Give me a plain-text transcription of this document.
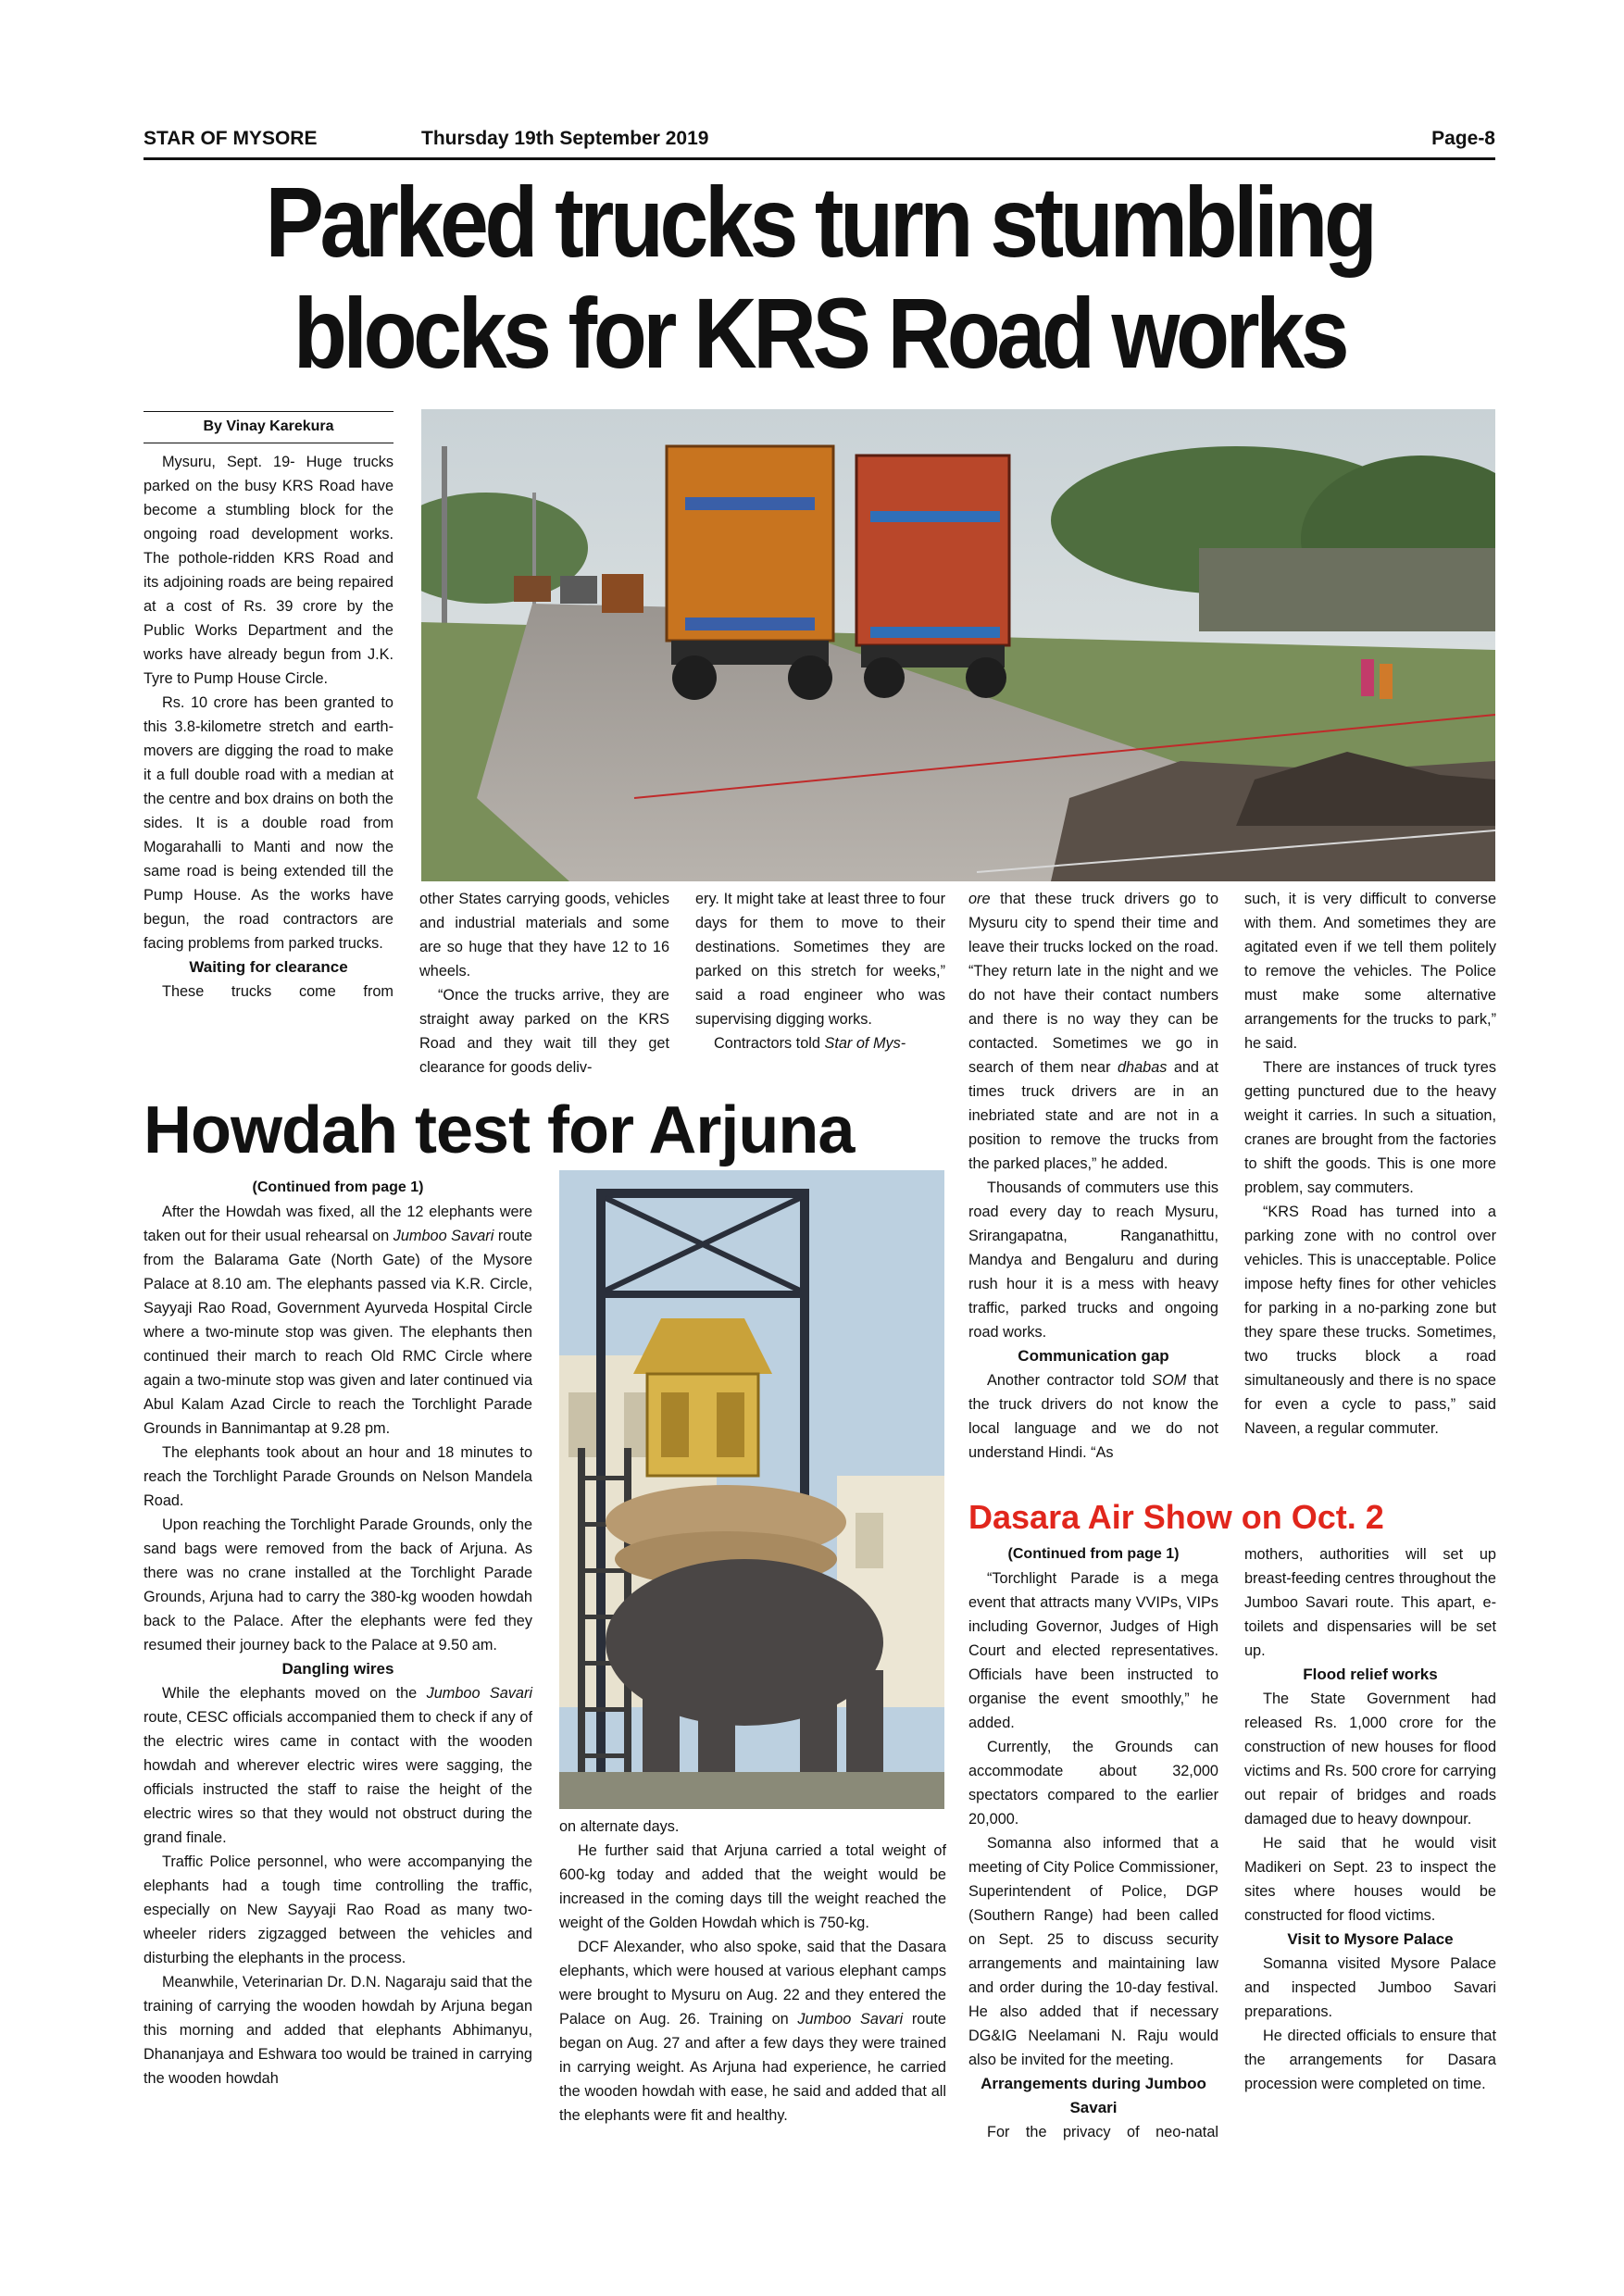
STAR OF MYSORE	Thursday 19th September 2019	Page-8
Parked trucks turn stumbling
blocks for KRS Road works
By Vinay Karekura

Mysuru, Sept. 19- Huge trucks parked on the busy KRS Road have become a stumbling block for the ongoing road development works. The pothole-ridden KRS Road and its adjoining roads are being repaired at a cost of Rs. 39 crore by the Public Works Department and the works have already begun from J.K. Tyre to Pump House Circle.

Rs. 10 crore has been granted to this 3.8-kilometre stretch and earth-movers are digging the road to make it a full double road with a median at the centre and box drains on both the sides. It is a double road from Mogarahalli to Manti and now the same road is being extended till the Pump House. As the works have begun, the road contractors are facing problems from parked trucks.

Waiting for clearance

These trucks come from

other States carrying goods, vehicles and industrial materials and some are so huge that they have 12 to 16 wheels.

“Once the trucks arrive, they are straight away parked on the KRS Road and they wait till they get clearance for goods deliv-

ery. It might take at least three to four days for them to move to their destinations. Sometimes they are parked on this stretch for weeks,” said a road engineer who was supervising digging works.

Contractors told Star of Mys-

ore that these truck drivers go to Mysuru city to spend their time and leave their trucks locked on the road. “They return late in the night and we do not have their contact numbers and there is no way they can be contacted. Sometimes we go in search of them near dhabas and at times truck drivers are in an inebriated state and are not in a position to remove the trucks from the parked places,” he added.

Thousands of commuters use this road every day to reach Mysuru, Srirangapatna, Ranganathittu, Mandya and Bengaluru and during rush hour it is a mess with heavy traffic, parked trucks and ongoing road works.

Communication gap

Another contractor told SOM that the truck drivers do not know the local language and we do not understand Hindi. “As

such, it is very difficult to converse with them. And sometimes they are agitated even if we tell them politely to remove the vehicles. The Police must make some alternative arrangements for the trucks to park,” he said.

There are instances of truck tyres getting punctured due to the heavy weight it carries. In such a situation, cranes are brought from the factories to shift the goods. This is one more problem, say commuters.

“KRS Road has turned into a parking zone with no control over vehicles. This is unacceptable. Police impose hefty fines for other vehicles for parking in a no-parking zone but they spare these trucks. Sometimes, two trucks block a road simultaneously and there is no space for even a cycle to pass,” said Naveen, a regular commuter.

Howdah test for Arjuna

(Continued from page 1)

After the Howdah was fixed, all the 12 elephants were taken out for their usual rehearsal on Jumboo Savari route from the Balarama Gate (North Gate) of the Mysore Palace at 8.10 am. The elephants passed via K.R. Circle, Sayyaji Rao Road, Government Ayurveda Hospital Circle where a two-minute stop was given. The elephants then continued their march to reach Old RMC Circle where again a two-minute stop was given and later continued via Abul Kalam Azad Circle to reach the Torchlight Parade Grounds in Bannimantap at 9.28 pm.

The elephants took about an hour and 18 minutes to reach the Torchlight Parade Grounds on Nelson Mandela Road.

Upon reaching the Torchlight Parade Grounds, only the sand bags were removed from the back of Arjuna. As there was no crane installed at the Torchlight Parade Grounds, Arjuna had to carry the 380-kg wooden howdah back to the Palace. After the elephants were fed they resumed their journey back to the Palace at 9.50 am.

Dangling wires

While the elephants moved on the Jumboo Savari route, CESC officials accompanied them to check if any of the electric wires came in contact with the wooden howdah and wherever electric wires were sagging, the officials instructed the staff to raise the height of the electric wires so that they would not obstruct during the grand finale.

Traffic Police personnel, who were accompanying the elephants had a tough time controlling the traffic, especially on New Sayyaji Rao Road as many two-wheeler riders zigzagged between the vehicles and disturbing the elephants in the process.

Meanwhile, Veterinarian Dr. D.N. Nagaraju said that the training of carrying the wooden howdah by Arjuna began this morning and added that elephants Abhimanyu, Dhananjaya and Eshwara too would be trained in carrying the wooden howdah

on alternate days.

He further said that Arjuna carried a total weight of 600-kg today and added that the weight would be increased in the coming days till the weight reached the weight of the Golden Howdah which is 750-kg.

DCF Alexander, who also spoke, said that the Dasara elephants, which were housed at various elephant camps were brought to Mysuru on Aug. 22 and they entered the Palace on Aug. 26. Training on Jumboo Savari route began on Aug. 27 and after a few days they were trained in carrying weight. As Arjuna had experience, he carried the wooden howdah with ease, he said and added that all the elephants were fit and healthy.

Dasara Air Show on Oct. 2

(Continued from page 1)

“Torchlight Parade is a mega event that attracts many VVIPs, VIPs including Governor, Judges of High Court and elected representatives. Officials have been instructed to organise the event smoothly,” he added.

Currently, the Grounds can accommodate about 32,000 spectators compared to the earlier 20,000.

Somanna also informed that a meeting of City Police Commissioner, Superintendent of Police, DGP (Southern Range) had been called on Sept. 25 to discuss security arrangements and maintaining law and order during the 10-day festival. He also added that if necessary DG&IG Neelamani N. Raju would also be invited for the meeting.

Arrangements during Jumboo Savari

For the privacy of neo-natal

mothers, authorities will set up breast-feeding centres throughout the Jumboo Savari route. This apart, e-toilets and dispensaries will be set up.

Flood relief works

The State Government had released Rs. 1,000 crore for the construction of new houses for flood victims and Rs. 500 crore for carrying out repair of bridges and roads damaged due to heavy downpour.

He said that he would visit Madikeri on Sept. 23 to inspect the sites where houses would be constructed for flood victims.

Visit to Mysore Palace

Somanna visited Mysore Palace and inspected Jumboo Savari preparations.

He directed officials to ensure that the arrangements for Dasara procession were completed on time.
